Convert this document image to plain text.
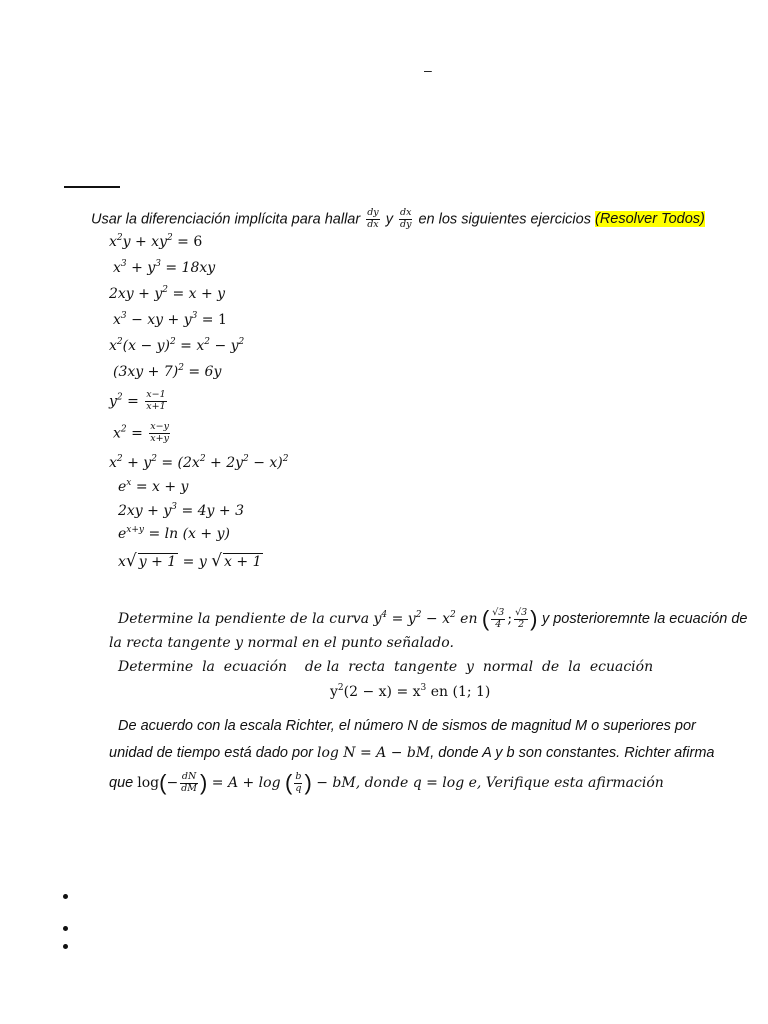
–
Usar la diferenciación implícita para hallar $\frac{dy}{dx}$ y $\frac{dx}{dy}$ en los siguientes ejercicios (Resolver Todos)
$x^2y + xy^2 = 6$
$x^3 + y^3 = 18xy$
$2xy + y^2 = x + y$
$x^3$ − xy + $y^3 = 1$
$x^2(x - y)^2 = x^2 - y^2$
$(3xy + 7)^2 = 6y$
$y^2 = \frac{x-1}{x+1}$
$x^2 = \frac{x-y}{x+y}$
$x^2 + y^2 = (2x^2 + 2y^2 - x)^2$
$e^x = x + y$
$2xy + y^3 = 4y + 3$
$e^{x+y} = \ln (x + y)$
x√ y + 1 = y √ x + 1
Determine la pendiente de la curva $y^4 = y^2 - x^2$ en ( $\frac{√3}{4}$ ; $\frac{√3}{2}$ ) y posterioremnte la ecuación de
la recta tangente y normal en el punto señalado.
Determine  la  ecuación    de la  recta  tangente  y  normal  de  la  ecuación
$y^2(2 - x) = x^3$ en (1; 1)
De acuerdo con la escala Richter, el número N de sismos de magnitud M o superiores por
unidad de tiempo está dado por log N = A − bM, donde A y b son constantes. Richter afirma
que $\log(- \frac{dN}{dM}$ ) = A + log ( $\frac{b}{q}$ ) − bM, donde q = log e, Verifique esta afirmación
